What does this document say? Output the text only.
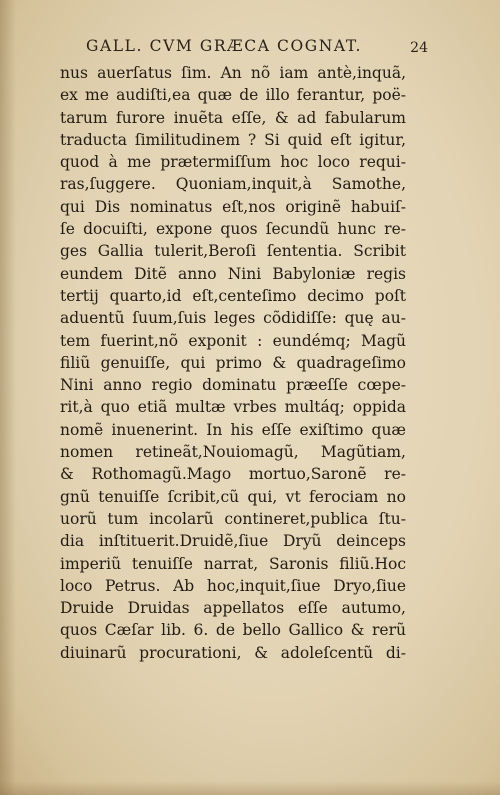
GALL. CVM GRÆCA COGNAT.	24
nus auerſatus ſim. An nõ iam antè,inquã,
ex me audiſti,ea quæ de illo ferantur, poë-
tarum furore inuẽta eſſe, & ad fabularum
traducta ſimilitudinem ? Si quid eſt igitur,
quod à me prætermiſſum hoc loco requi-
ras,ſuggere. Quoniam,inquit,à Samothe,
qui Dis nominatus eſt,nos originẽ habuiſ-
ſe docuiſti, expone quos ſecundũ hunc re-
ges Gallia tulerit,Beroſi ſententia. Scribit
eundem Ditẽ anno Nini Babyloniæ regis
tertij quarto,id eſt,centeſimo decimo poſt
aduentũ ſuum,ſuis leges cõdidiſſe: quę au-
tem fuerint,nõ exponit : eundémq; Magũ
filiũ genuiſſe, qui primo & quadrageſimo
Nini anno regio dominatu præeſſe cœpe-
rit,à quo etiã multæ vrbes multáq; oppida
nomẽ inuenerint. In his eſſe exiſtimo quæ
nomen retineãt,Nouiomagũ, Magũtiam,
& Rothomagũ.Mago mortuo,Saronẽ re-
gnũ tenuiſſe ſcribit,cũ qui, vt ferociam no
uorũ tum incolarũ contineret,publica ſtu-
dia inſtituerit.Druidẽ,ſiue Dryũ deinceps
imperiũ tenuiſſe narrat, Saronis filiũ.Hoc
loco Petrus. Ab hoc,inquit,ſiue Dryo,ſiue
Druide Druidas appellatos eſſe autumo,
quos Cæſar lib. 6. de bello Gallico & rerũ
diuinarũ procurationi, & adoleſcentũ di-
